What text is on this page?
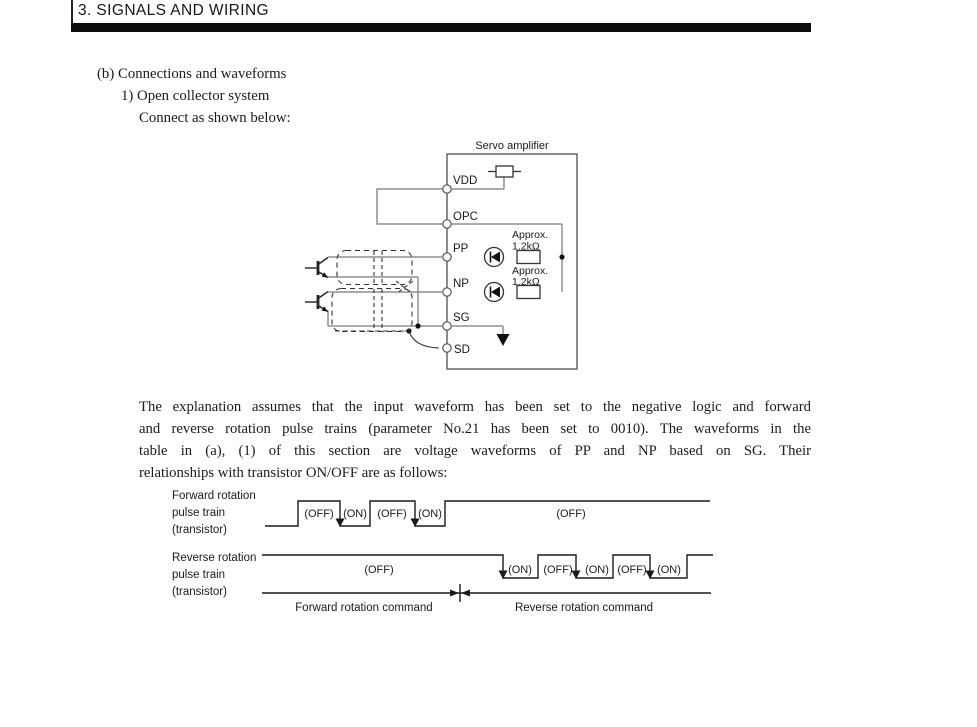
3. SIGNALS AND WIRING
(b) Connections and waveforms
1) Open collector system
Connect as shown below:
Servo amplifier
Approx.
1.2kΩ
Approx.
1.2kΩ
VDD
OPC
PP
NP
SG
SD
The explanation assumes that the input waveform has been set to the negative logic and forward
and reverse rotation pulse trains (parameter No.21 has been set to 0010). The waveforms in the
table in (a), (1) of this section are voltage waveforms of PP and NP based on SG. Their
relationships with transistor ON/OFF are as follows:
Forward rotation
pulse train
(transistor)
(OFF) (ON) (OFF) (ON)	(OFF)
Reverse rotation
pulse train
(transistor)
(OFF)	(ON) (OFF) (ON) (OFF) (ON)
Forward rotation command	Reverse rotation command
